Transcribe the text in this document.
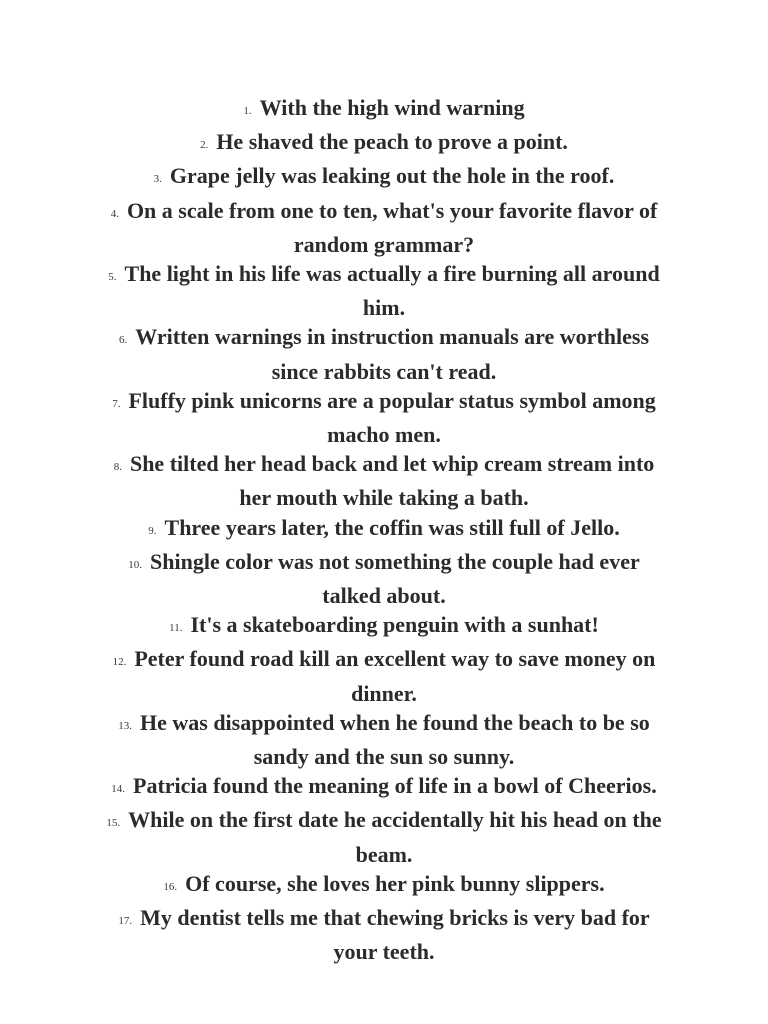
1. With the high wind warning
2. He shaved the peach to prove a point.
3. Grape jelly was leaking out the hole in the roof.
4. On a scale from one to ten, what's your favorite flavor of random grammar?
5. The light in his life was actually a fire burning all around him.
6. Written warnings in instruction manuals are worthless since rabbits can't read.
7. Fluffy pink unicorns are a popular status symbol among macho men.
8. She tilted her head back and let whip cream stream into her mouth while taking a bath.
9. Three years later, the coffin was still full of Jello.
10. Shingle color was not something the couple had ever talked about.
11. It's a skateboarding penguin with a sunhat!
12. Peter found road kill an excellent way to save money on dinner.
13. He was disappointed when he found the beach to be so sandy and the sun so sunny.
14. Patricia found the meaning of life in a bowl of Cheerios.
15. While on the first date he accidentally hit his head on the beam.
16. Of course, she loves her pink bunny slippers.
17. My dentist tells me that chewing bricks is very bad for your teeth.
